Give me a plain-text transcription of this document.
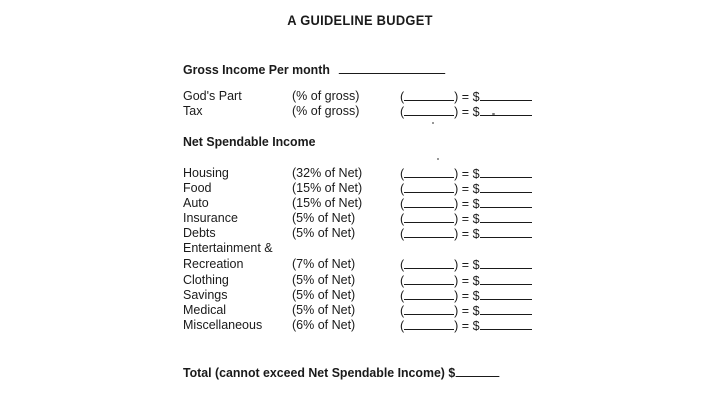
A GUIDELINE BUDGET
Gross Income Per month
God's Part	(% of gross)	(	) = $
Tax	(% of gross)	(	) = $
Net Spendable Income
Housing	(32% of Net)	(	) = $
Food	(15% of Net)	(	) = $
Auto	(15% of Net)	(	) = $
Insurance	(5% of Net)	(	) = $
Debts	(5% of Net)	(	) = $
Entertainment &
Recreation	(7% of Net)	(	) = $
Clothing	(5% of Net)	(	) = $
Savings	(5% of Net)	(	) = $
Medical	(5% of Net)	(	) = $
Miscellaneous (6% of Net)	(	) = $
Total (cannot exceed Net Spendable Income) $
